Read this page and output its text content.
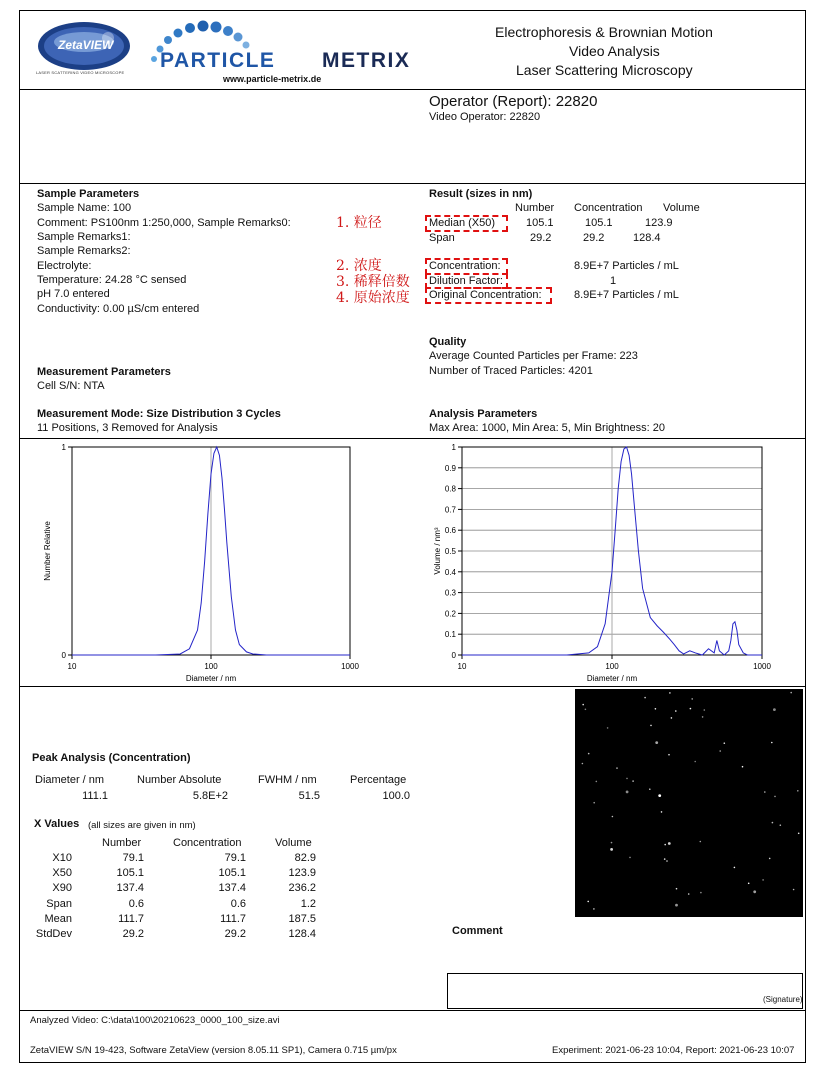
ZetaVIEW
LASER SCATTERING VIDEO MICROSCOPE
PARTICLE METRIX
www.particle-metrix.de
Electrophoresis & Brownian Motion
Video Analysis
Laser Scattering Microscopy
Operator (Report): 22820
Video Operator: 22820
Sample Parameters
Sample Name: 100
Comment: PS100nm 1:250,000, Sample Remarks0:
Sample Remarks1:
Sample Remarks2:
Electrolyte:
Temperature: 24.28 °C sensed
pH 7.0 entered
Conductivity: 0.00 µS/cm entered
1. 粒径
2. 浓度
3. 稀释倍数
4. 原始浓度
Result (sizes in nm)
Number Concentration Volume
Median (X50)	105.1	105.1	123.9
Span	29.2	29.2	128.4
Concentration:	8.9E+7 Particles / mL
Dilution Factor:	1
Original Concentration:	8.9E+7 Particles / mL
Quality
Average Counted Particles per Frame: 223
Number of Traced Particles: 4201
Measurement Parameters
Cell S/N: NTA
Measurement Mode: Size Distribution 3 Cycles
11 Positions, 3 Removed for Analysis
Analysis Parameters
Max Area: 1000, Min Area: 5, Min Brightness: 20
0
1
10	100	1000
Diameter / nm
Number Relative
0
0.1
0.2
0.3
0.4
0.5
0.6
0.7
0.8
0.9
1
10	100	1000
Diameter / nm
Volume / nm³
Peak Analysis (Concentration)
Diameter / nm	Number Absolute	FWHM / nm	Percentage
111.1	5.8E+2	51.5	100.0
X Values (all sizes are given in nm)
Number	Concentration	Volume
X10	79.1	79.1	82.9
X50	105.1	105.1	123.9
X90	137.4	137.4	236.2
Span	0.6	0.6	1.2
Mean	111.7	111.7	187.5
StdDev	29.2	29.2	128.4	Comment
(Signature)
Analyzed Video: C:\data\100\20210623_0000_100_size.avi
ZetaVIEW S/N 19-423, Software ZetaView (version 8.05.11 SP1), Camera 0.715 µm/px	Experiment: 2021-06-23 10:04, Report: 2021-06-23 10:07
